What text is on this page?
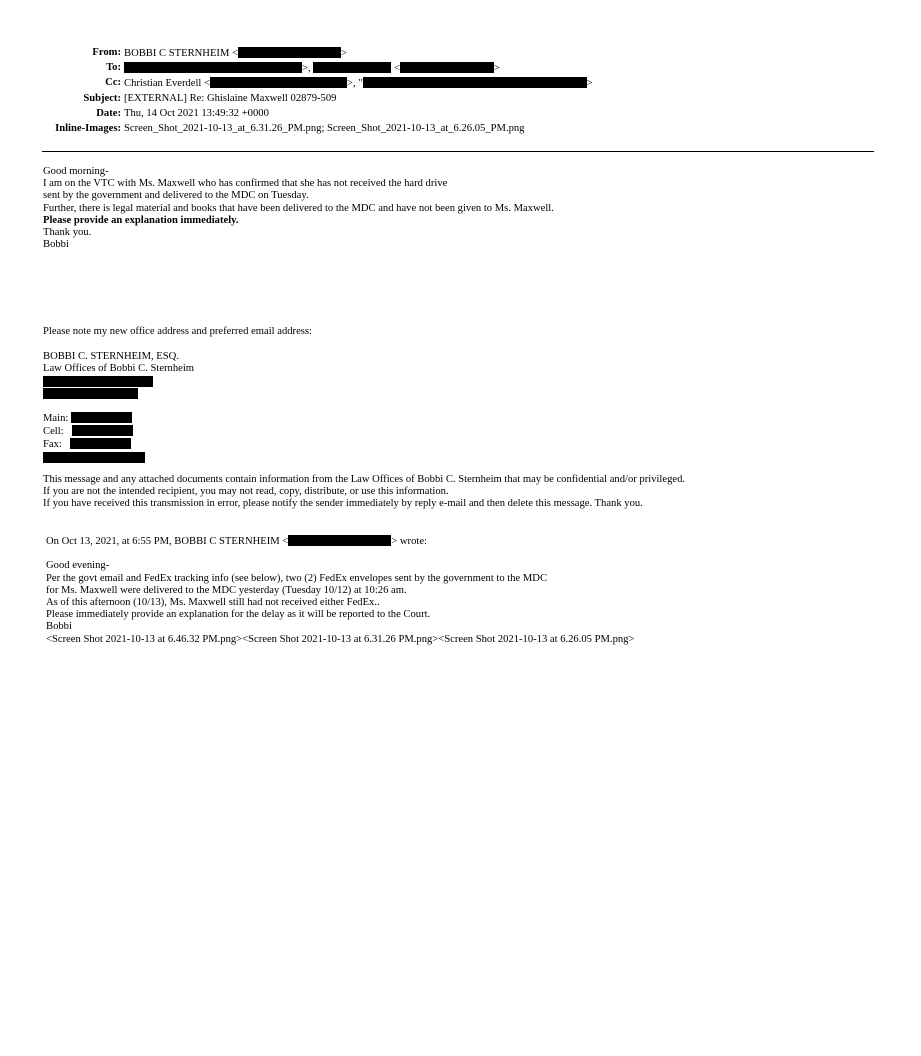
From: BOBBI C STERNHEIM <	>
To:	>,	<	>
Cc: Christian Everdell <	>, "	>
Subject: [EXTERNAL] Re: Ghislaine Maxwell 02879-509
Date: Thu, 14 Oct 2021 13:49:32 +0000
Inline-Images: Screen_Shot_2021-10-13_at_6.31.26_PM.png; Screen_Shot_2021-10-13_at_6.26.05_PM.png
Good morning-
I am on the VTC with Ms. Maxwell who has confirmed that she has not received the hard drive
sent by the government and delivered to the MDC on Tuesday.
Further, there is legal material and books that have been delivered to the MDC and have not been given to Ms. Maxwell.
Please provide an explanation immediately.
Thank you.
Bobbi
Please note my new office address and preferred email address:
BOBBI C. STERNHEIM, ESQ.
Law Offices of Bobbi C. Sternheim
Main:
Cell:
Fax:
This message and any attached documents contain information from the Law Offices of Bobbi C. Sternheim that may be confidential and/or privileged.
If you are not the intended recipient, you may not read, copy, distribute, or use this information.
If you have received this transmission in error, please notify the sender immediately by reply e-mail and then delete this message. Thank you.
On Oct 13, 2021, at 6:55 PM, BOBBI C STERNHEIM <	> wrote:
Good evening-
Per the govt email and FedEx tracking info (see below), two (2) FedEx envelopes sent by the government to the MDC
for Ms. Maxwell were delivered to the MDC yesterday (Tuesday 10/12) at 10:26 am.
As of this afternoon (10/13), Ms. Maxwell still had not received either FedEx..
Please immediately provide an explanation for the delay as it will be reported to the Court.
Bobbi
<Screen Shot 2021-10-13 at 6.46.32 PM.png><Screen Shot 2021-10-13 at 6.31.26 PM.png><Screen Shot 2021-10-13 at 6.26.05 PM.png>
